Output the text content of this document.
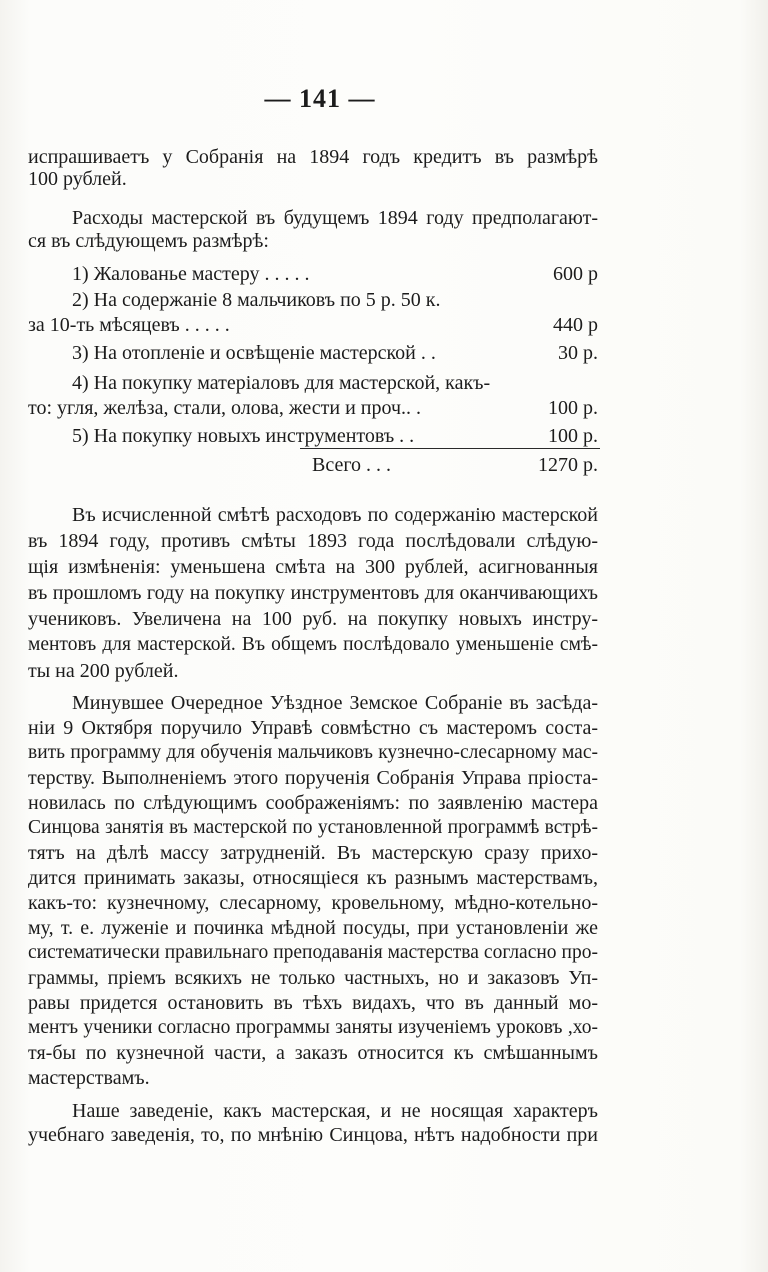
— 141 —
испрашиваетъ у Собранія на 1894 годъ кредитъ въ размѣрѣ
100 рублей.
Расходы мастерской въ будущемъ 1894 году предполагают-
ся въ слѣдующемъ размѣрѣ:
1) Жалованье мастеру . . . . .	600 р
2) На содержаніе 8 мальчиковъ по 5 р. 50 к.
за 10-ть мѣсяцевъ . . . . .	440 р
3) На отопленіе и освѣщеніе мастерской . .	30 р.
4) На покупку матеріаловъ для мастерской, какъ-
то: угля, желѣза, стали, олова, жести и проч.. .	100 р.
5) На покупку новыхъ инструментовъ . .	100 р.
Всего . . .	1270 р.
Въ исчисленной смѣтѣ расходовъ по содержанію мастерской
въ 1894 году, противъ смѣты 1893 года послѣдовали слѣдую-
щія измѣненія: уменьшена смѣта на 300 рублей, асигнованныя
въ прошломъ году на покупку инструментовъ для оканчивающихъ
учениковъ. Увеличена на 100 руб. на покупку новыхъ инстру-
ментовъ для мастерской. Въ общемъ послѣдовало уменьшеніе смѣ-
ты на 200 рублей.
Минувшее Очередное Уѣздное Земское Собраніе въ засѣда-
ніи 9 Октября поручило Управѣ совмѣстно съ мастеромъ соста-
вить программу для обученія мальчиковъ кузнечно-слесарному мас-
терству. Выполненіемъ этого порученія Собранія Управа пріоста-
новилась по слѣдующимъ соображеніямъ: по заявленію мастера
Синцова занятія въ мастерской по установленной программѣ встрѣ-
тятъ на дѣлѣ массу затрудненій. Въ мастерскую сразу прихо-
дится принимать заказы, относящіеся къ разнымъ мастерствамъ,
какъ-то: кузнечному, слесарному, кровельному, мѣдно-котельно-
му, т. е. луженіе и починка мѣдной посуды, при установленіи же
систематически правильнаго преподаванія мастерства согласно про-
граммы, пріемъ всякихъ не только частныхъ, но и заказовъ Уп-
равы придется остановить въ тѣхъ видахъ, что въ данный мо-
ментъ ученики согласно программы заняты изученіемъ уроковъ ,хо-
тя-бы по кузнечной части, а заказъ относится къ смѣшаннымъ
мастерствамъ.
Наше заведеніе, какъ мастерская, и не носящая характеръ
учебнаго заведенія, то, по мнѣнію Синцова, нѣтъ надобности при
